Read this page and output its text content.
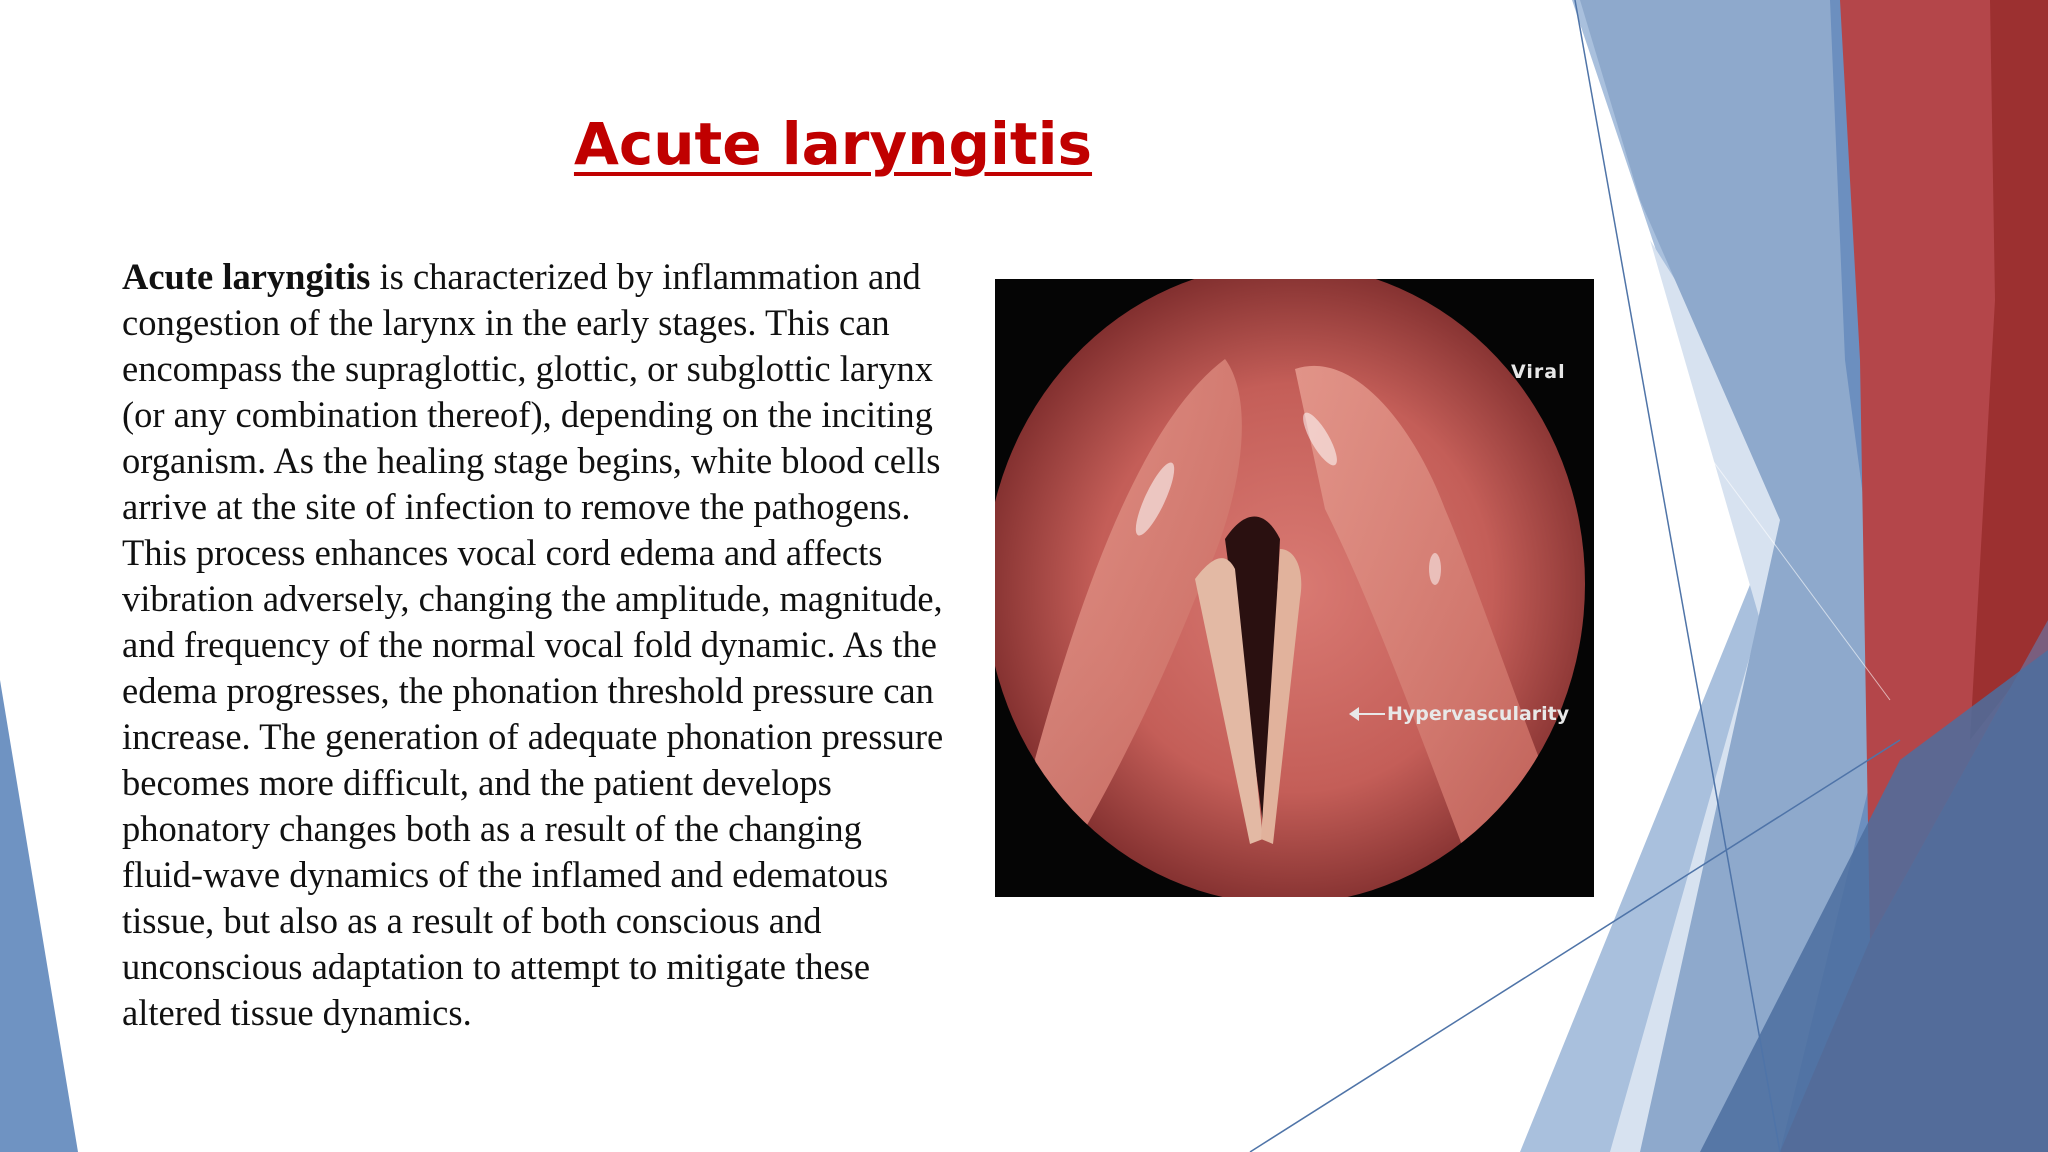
Acute laryngitis

Acute laryngitis is characterized by inflammation and congestion of the larynx in the early stages. This can encompass the supraglottic, glottic, or subglottic larynx (or any combination thereof), depending on the inciting organism. As the healing stage begins, white blood cells arrive at the site of infection to remove the pathogens. This process enhances vocal cord edema and affects vibration adversely, changing the amplitude, magnitude, and frequency of the normal vocal fold dynamic. As the edema progresses, the phonation threshold pressure can increase. The generation of adequate phonation pressure becomes more difficult, and the patient develops phonatory changes both as a result of the changing fluid-wave dynamics of the inflamed and edematous tissue, but also as a result of both conscious and unconscious adaptation to attempt to mitigate these altered tissue dynamics.

Viral
Hypervascularity
